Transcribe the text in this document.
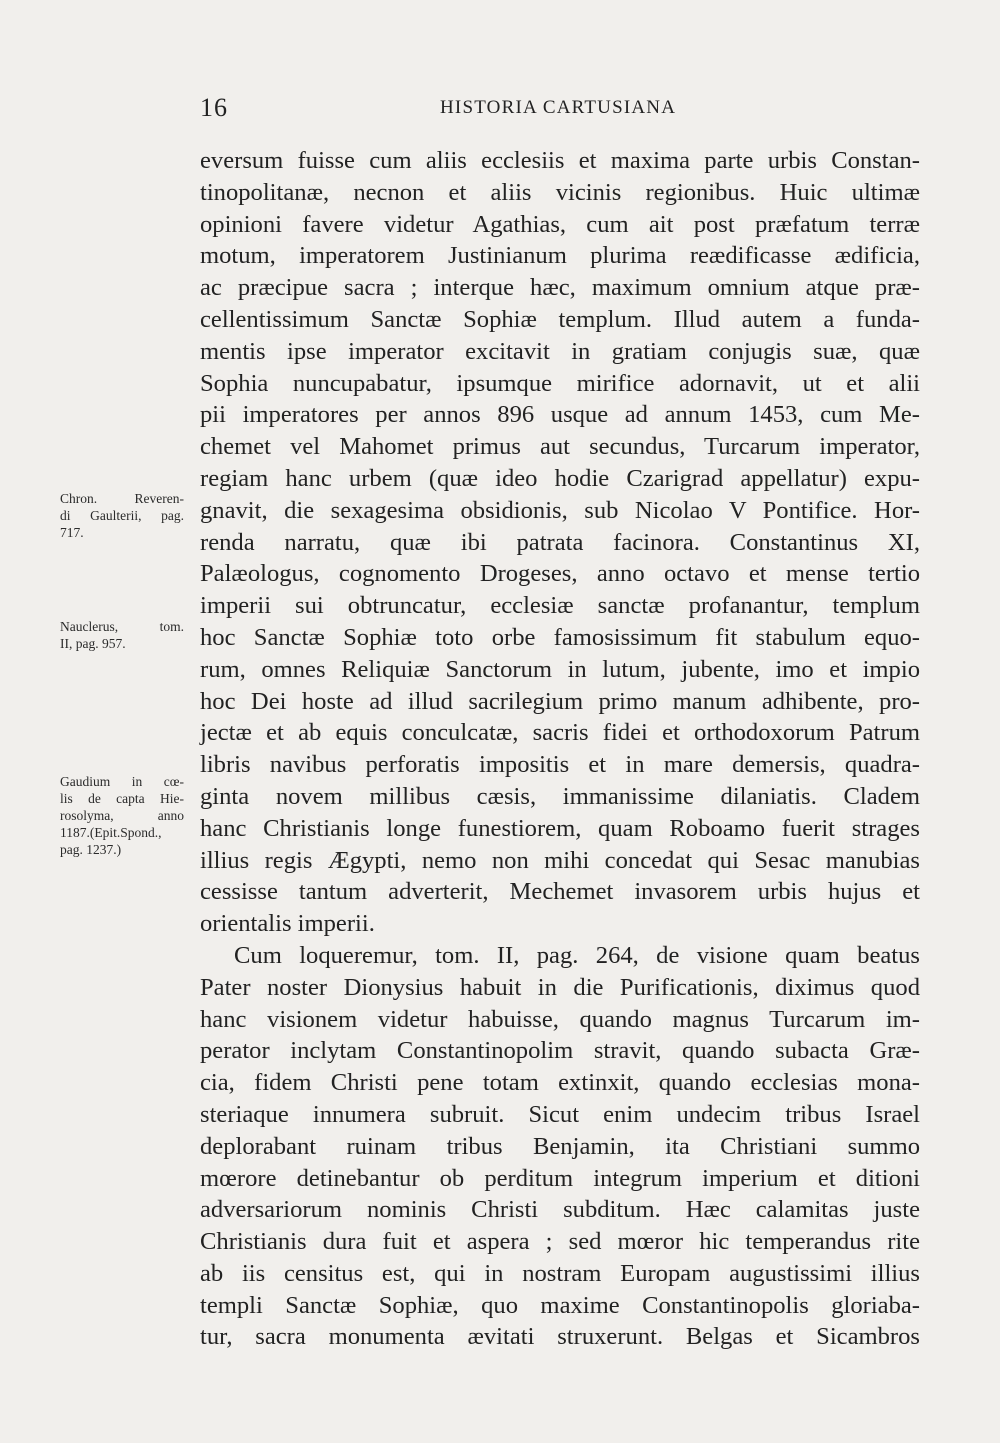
16	HISTORIA CARTUSIANA
Chron. Reveren-
di Gaulterii, pag.
717.
Nauclerus, tom.
II, pag. 957.
Gaudium in cœ-
lis de capta Hie-
rosolyma, anno
1187.(Epit.Spond.,
pag. 1237.)
eversum fuisse cum aliis ecclesiis et maxima parte urbis Constan-
tinopolitanæ, necnon et aliis vicinis regionibus. Huic ultimæ
opinioni favere videtur Agathias, cum ait post præfatum terræ
motum, imperatorem Justinianum plurima reædificasse ædificia,
ac præcipue sacra ; interque hæc, maximum omnium atque præ-
cellentissimum Sanctæ Sophiæ templum. Illud autem a funda-
mentis ipse imperator excitavit in gratiam conjugis suæ, quæ
Sophia nuncupabatur, ipsumque mirifice adornavit, ut et alii
pii imperatores per annos 896 usque ad annum 1453, cum Me-
chemet vel Mahomet primus aut secundus, Turcarum imperator,
regiam hanc urbem (quæ ideo hodie Czarigrad appellatur) expu-
gnavit, die sexagesima obsidionis, sub Nicolao V Pontifice. Hor-
renda narratu, quæ ibi patrata facinora. Constantinus XI,
Palæologus, cognomento Drogeses, anno octavo et mense tertio
imperii sui obtruncatur, ecclesiæ sanctæ profanantur, templum
hoc Sanctæ Sophiæ toto orbe famosissimum fit stabulum equo-
rum, omnes Reliquiæ Sanctorum in lutum, jubente, imo et impio
hoc Dei hoste ad illud sacrilegium primo manum adhibente, pro-
jectæ et ab equis conculcatæ, sacris fidei et orthodoxorum Patrum
libris navibus perforatis impositis et in mare demersis, quadra-
ginta novem millibus cæsis, immanissime dilaniatis. Cladem
hanc Christianis longe funestiorem, quam Roboamo fuerit strages
illius regis Ægypti, nemo non mihi concedat qui Sesac manubias
cessisse tantum adverterit, Mechemet invasorem urbis hujus et
orientalis imperii.
Cum loqueremur, tom. II, pag. 264, de visione quam beatus
Pater noster Dionysius habuit in die Purificationis, diximus quod
hanc visionem videtur habuisse, quando magnus Turcarum im-
perator inclytam Constantinopolim stravit, quando subacta Græ-
cia, fidem Christi pene totam extinxit, quando ecclesias mona-
steriaque innumera subruit. Sicut enim undecim tribus Israel
deplorabant ruinam tribus Benjamin, ita Christiani summo
mœrore detinebantur ob perditum integrum imperium et ditioni
adversariorum nominis Christi subditum. Hæc calamitas juste
Christianis dura fuit et aspera ; sed mœror hic temperandus rite
ab iis censitus est, qui in nostram Europam augustissimi illius
templi Sanctæ Sophiæ, quo maxime Constantinopolis gloriaba-
tur, sacra monumenta ævitati struxerunt. Belgas et Sicambros
